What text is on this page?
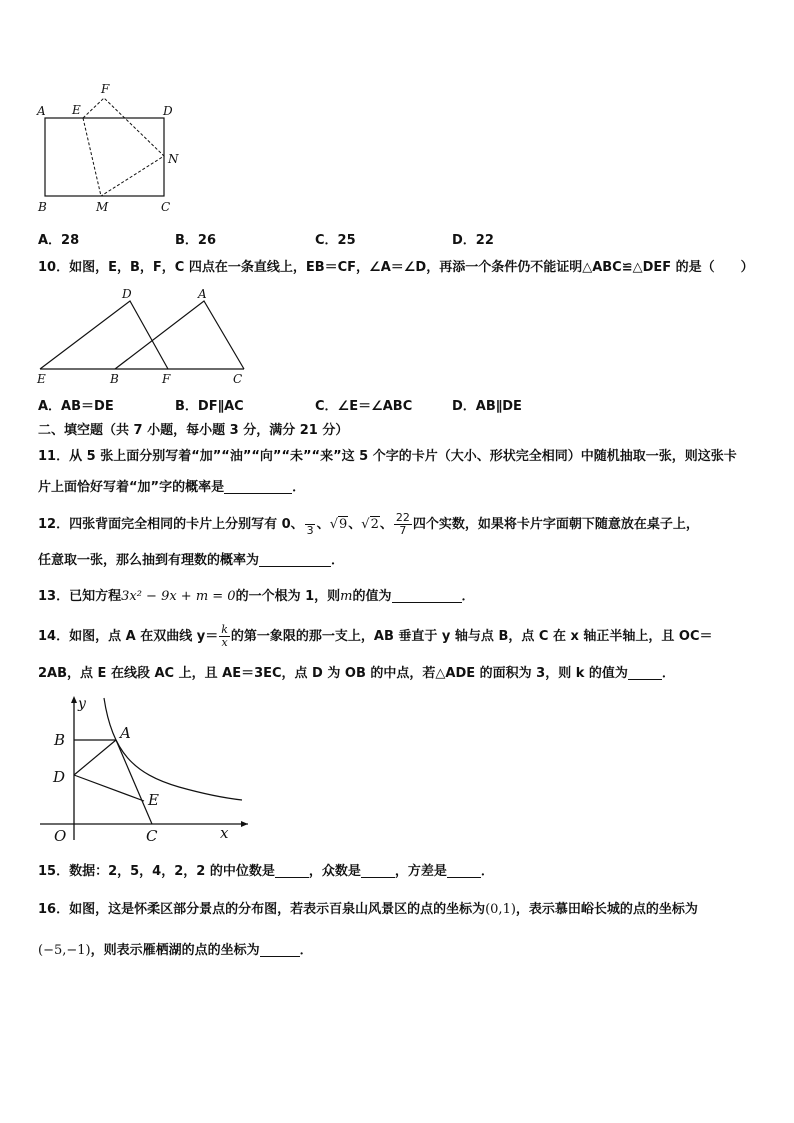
A E
F
D
N
B	M	C
A．28	B．26	C．25	D．22
10．如图，E，B，F，C 四点在一条直线上，EB＝CF，∠A＝∠D，再添一个条件仍不能证明△ABC≌△DEF 的是（　　）
D	A
E	B	F	C
A．AB＝DE	B．DF∥AC	C．∠E＝∠ABC	D．AB∥DE
二、填空题（共 7 小题，每小题 3 分，满分 21 分）
11．从 5 张上面分别写着“加”“油”“向”“未”“来”这 5 个字的卡片（大小、形状完全相同）中随机抽取一张，则这张卡
片上面恰好写着“加”字的概率是	．
12．四张背面完全相同的卡片上分别写有 0、 3 、√9、√2、 $\frac{22}{7}$ 四个实数，如果将卡片字面朝下随意放在桌子上，
任意取一张，那么抽到有理数的概率为	．
13．已知方程3x² − 9x + m = 0的一个根为 1，则m的值为	．
14．如图，点 A 在双曲线 $y= \frac{k}{x}$ 的第一象限的那一支上，AB 垂直于 y 轴与点 B，点 C 在 x 轴正半轴上，且 OC＝
2AB，点 E 在线段 AC 上，且 AE＝3EC，点 D 为 OB 的中点，若△ADE 的面积为 3，则 k 的值为	．
y
B	A
D
E
O	C	x
15．数据：2，5，4，2，2 的中位数是	，众数是	，方差是	．
16．如图，这是怀柔区部分景点的分布图，若表示百泉山风景区的点的坐标为(0,1)，表示慕田峪长城的点的坐标为
(−5,−1)，则表示雁栖湖的点的坐标为	．
